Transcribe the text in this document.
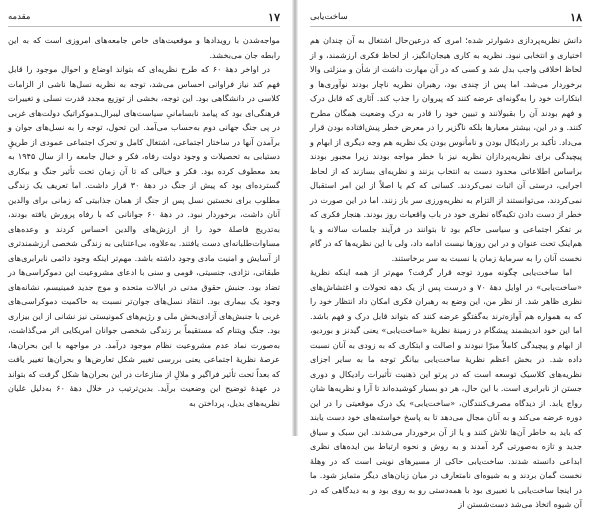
مقدمه	۱۷

مواجه‌شدن با رویدادها و موقعیت‌های خاص جامعه‌های امروزی است که به این رابطه جان می‌بخشد.

در اواخر دههٔ ۶۰ که طرح نظریه‌ای که بتواند اوضاع و احوال موجود را قابل فهم کند نیاز فراوانی احساس می‌شد، توجه به نظریه نسل‌ها ناشی از الزامات کلاسی در دانشگاهی بود. این توجه، بخشی از توزیع مجدد قدرت نسلی و تغییرات فرهنگی‌ای بود که پیامد نابسامانیِ سیاست‌های لیبرال‌ـدموکراتیک دولت‌های غربی در پی جنگ جهانی دوم به‌حساب می‌آمد. این تحول، توجه را به نسل‌های جوان و برآمدن آنها در ساختار اجتماعی، اشتغال کامل و تحرک اجتماعی عمودی از طریقِ دستیابی به تحصیلات و وجود دولت رفاه، فکر و خیال جامعه را از سال ۱۹۴۵ به بعد معطوف کرده بود. فکر و خیالی که تا آن زمان تحت تأثیر جنگ و بیکاری گسترده‌ای بود که پیش از جنگ در دههٔ ۳۰ قرار داشت. اما تعریف یک زندگی مطلوب برای نخستین نسل پس از جنگ از همان جذابیتی که زمانی برای والدین آنان داشت، برخوردار نبود. در دههٔ ۶۰ جوانانی که با رفاه پرورش یافته بودند، به‌تدریج فاصلهٔ خود را از ارزش‌های والدین احساس کردند و وعده‌های مساوات‌طلبانه‌ای دست یافتند. به‌علاوه، بی‌اعتنایی به زندگی شخصی ارزشمندتری از آسایش و امنیت مادی وجود داشته باشد. مهم‌تر اینکه وجود دائمی نابرابری‌های طبقاتی، نژادی، جنسیتی، قومی و سنی با ادعای مشروعیت این دموکراسی‌ها در تضاد بود. جنبش حقوق مدنی در ایالات متحده و موج جدید فمینیسم، نشانه‌های وجود یک بیماری بود. انتقاد نسل‌های جوان‌تر نسبت به حاکمیت دموکراسی‌های غربی با جنبش‌های آزادی‌بخش ملی و رژیم‌های کمونیستی نیز نشانی از این بیزاری بود. جنگ ویتنام که مستقیماً بر زندگی شخصی جوانان امریکایی اثر می‌گذاشت، به‌صورت نماد عدم مشروعیت نظام موجود درآمد. در مواجهه با این بحران‌ها، عرصهٔ نظریهٔ اجتماعی یعنی بررسی تغییر شکل تعارض‌ها و بحران‌ها تغییر یافت که بعداً تحت تأثیر فراگیر و ملالِ از منازعات در این بحران‌ها شکل گرفت که بتواند در عهدهٔ توضیح این وضعیت برآید. بدین‌ترتیب در خلال دههٔ ۶۰ به‌دلیل غلیان نظریه‌های بدیل، پرداختن به

ساخت‌یابی	۱۸

دانش نظریه‌پردازی دشوارتر شده؛ امری که درعین‌حال اشتغال به آن چندان هم اختیاری و انتخابی نبود. نظریه به کاری هیجان‌انگیز، از لحاظ فکری ارزشمند، و از لحاظ اخلاقی واجب بدل شد و کسی که در آن مهارت داشت از شأن و منزلتی والا برخوردار می‌شد. اما پس از چندی بود، رهبران نظریه ناچار بودند نوآوری‌ها و ابتکارات خود را به‌گونه‌ای عرضه کنند که پیروان را جذب کند. آثاری که قابل درک و فهم بودند آن را بقبولانند و تبیین خود را قادر به درک وضعیت همگان مطرح کنند. و در این، بیشتر معیارها بلکه ناگزیر را در معرض خطر پیش‌افتاده بودن قرار می‌داد. تأکید بر رادیکال بودن و نامأنوس بودن یک نظریه هم وجه دیگری از ابهام و پیچیدگی برای نظریه‌پردازان نظریه نیز با خطر مواجه بودند زیرا مجبور بودند براساس اطلاعاتی محدود دست به انتخاب بزنند و نظریه‌ای بسازند که از لحاظ اجرایی، درستی آن اثبات نمی‌کردند. کسانی که کم یا اصلاً از این امر استقبال نمی‌کردند، می‌توانستند از التزام به نظریه‌ورزی سر باز زنند. اما در این صورت در خطر از دست دادن تکیه‌گاه نظری خود در باب واقعیات روز بودند. هنجار فکری که بر تفکر اجتماعی و سیاسی حاکم بود تا بتوانند در فرآیند جلسات سالانه و یا هم‌اینک تحت عنوان و در این روزها نیست ادامه داد، ولی با این نظریه‌ها که در گام نخست آنان را به سرمایهٔ زمان یا نسبت به سر برخاستند.

اما ساخت‌یابی چگونه مورد توجه قرار گرفت؟ مهم‌تر از همه اینکه نظریهٔ «ساخت‌یابی» در اوایل دههٔ ۷۰ و درست پس از یک دهه تحولات و اغتشاش‌های نظری ظاهر شد. از نظر من، این وضع به رهبران فکری امکان داد انتظار خود را که به همواره هم آوازه‌ترند به‌گفتگو عرضه کنند که بتواند قابل درک و فهم باشد. اما این خود اندیشمند پیشگام در زمینهٔ نظریهٔ «ساخت‌یابی» یعنی گیدنز و بوردیو، از ابهام و پیچیدگی کاملاً مبرّا نبودند و اصالت و ابتکاری که به زودی به آنان نسبت داده شد. در بخش اعظم نظریهٔ ساخت‌یابی بیانگر توجه ما به سایر اجزای نظریه‌های کلاسیک توسعه است که در پرتو این ذهنیت تأثیرات رادیکال و دوری جستن از نابرابری است. با این حال، هر دو بسیار کوشیده‌اند تا آرا و نظریه‌ها شان رواج یابد. از دیدگاه مصرف‌کنندگان، «ساخت‌یابی» یک درک موقعیتی را در این دوره عرضه می‌کند و به آنان مجال می‌دهد تا به پاسخ خواسته‌های خود دست یابند که باید به خاطر آن‌ها تلاش کنند و یا از آن برخوردار می‌شدند. این سبک و سیاق جدید و تازه به‌صورتی گرد آمدند و به روش و نحوه ارتباط بین ایده‌های نظری ابداعی دانسته شدند. ساخت‌یابی حاکی از مسیرهای نوینی است که در وهلهٔ نخست گمان بردند و به شیوه‌ای نامتعارف در میان زبان‌های دیگر متمایز شود. ما در اینجا ساخت‌یابی با تعبیری بود با همه‌دستی رو به روی بود و به دیدگاهی که در آن شیوه اتخاذ می‌شد دست‌شستن از
